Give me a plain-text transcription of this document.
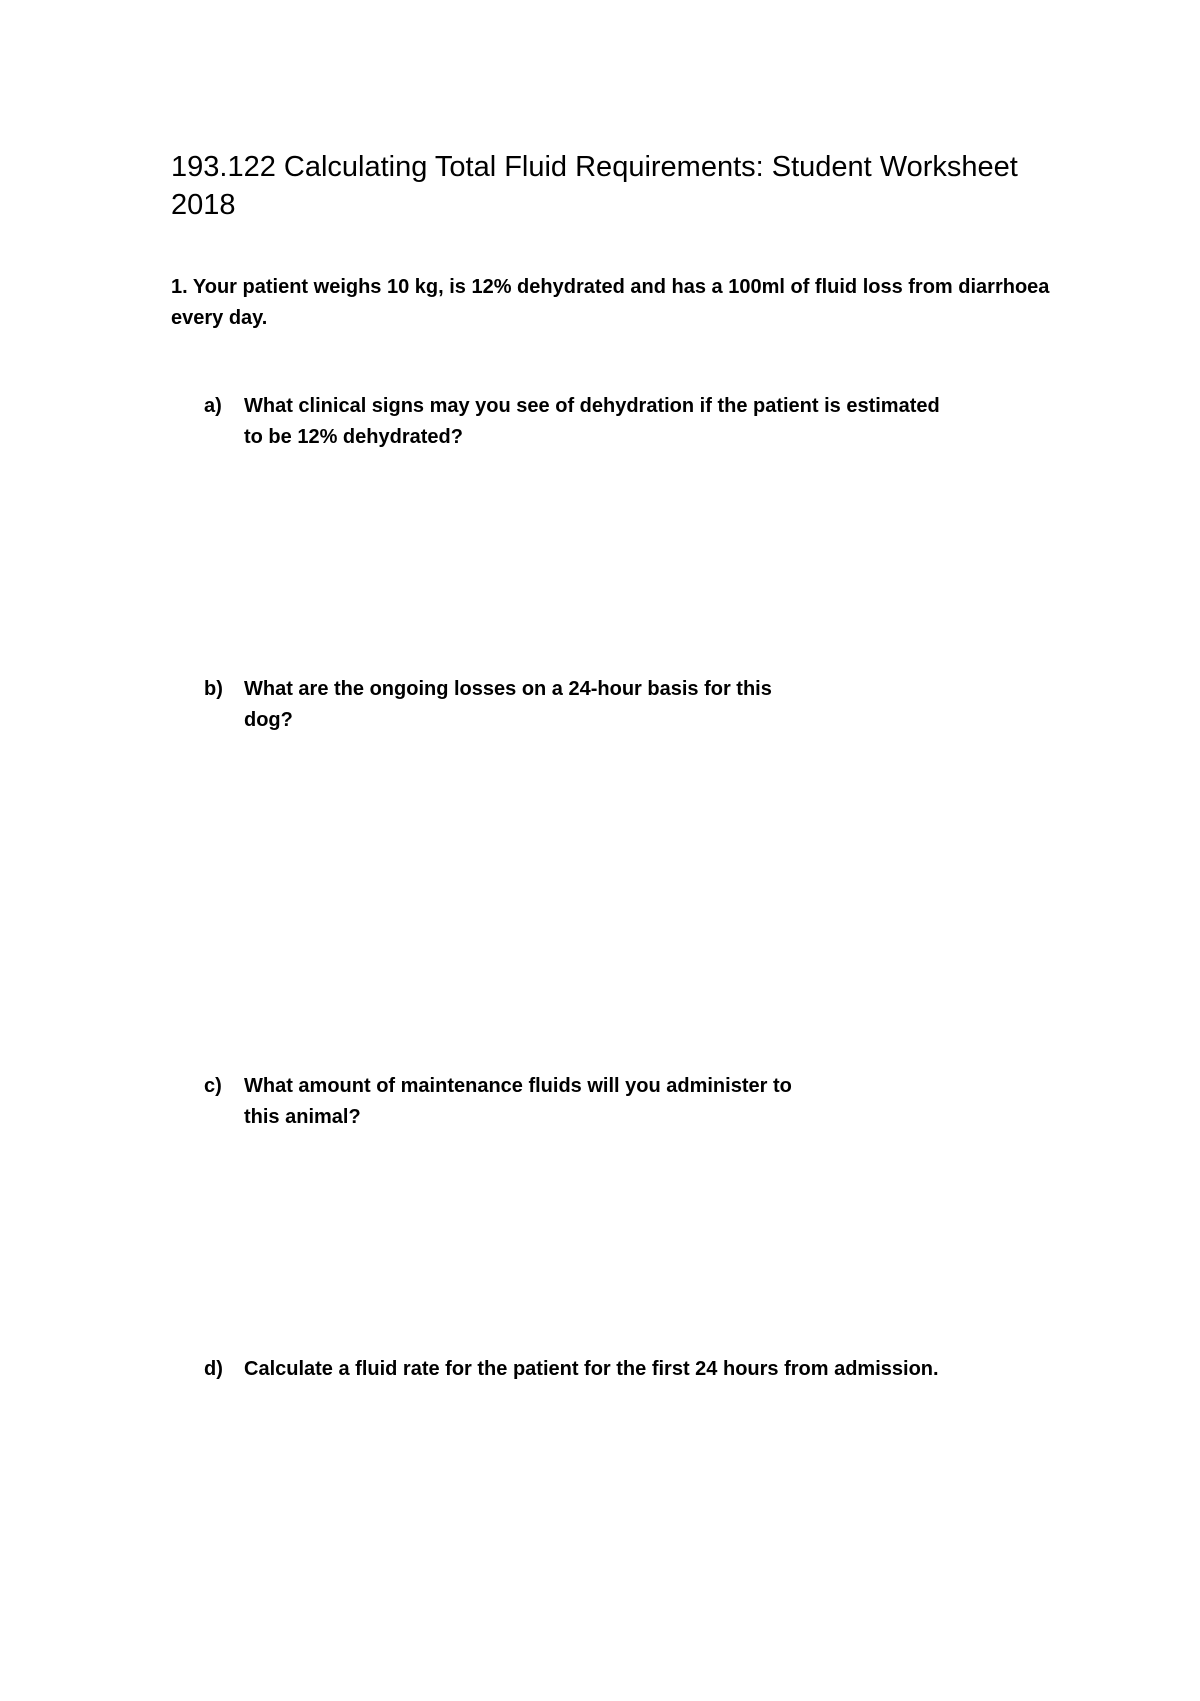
193.122 Calculating Total Fluid Requirements: Student Worksheet 2018

1. Your patient weighs 10 kg, is 12% dehydrated and has a 100ml of fluid loss from diarrhoea every day.

a)	What clinical signs may you see of dehydration if the patient is estimated to be 12% dehydrated?
b)	What are the ongoing losses on a 24-hour basis for this dog?
c)	What amount of maintenance fluids will you administer to this animal?
d)	Calculate a fluid rate for the patient for the first 24 hours from admission.
